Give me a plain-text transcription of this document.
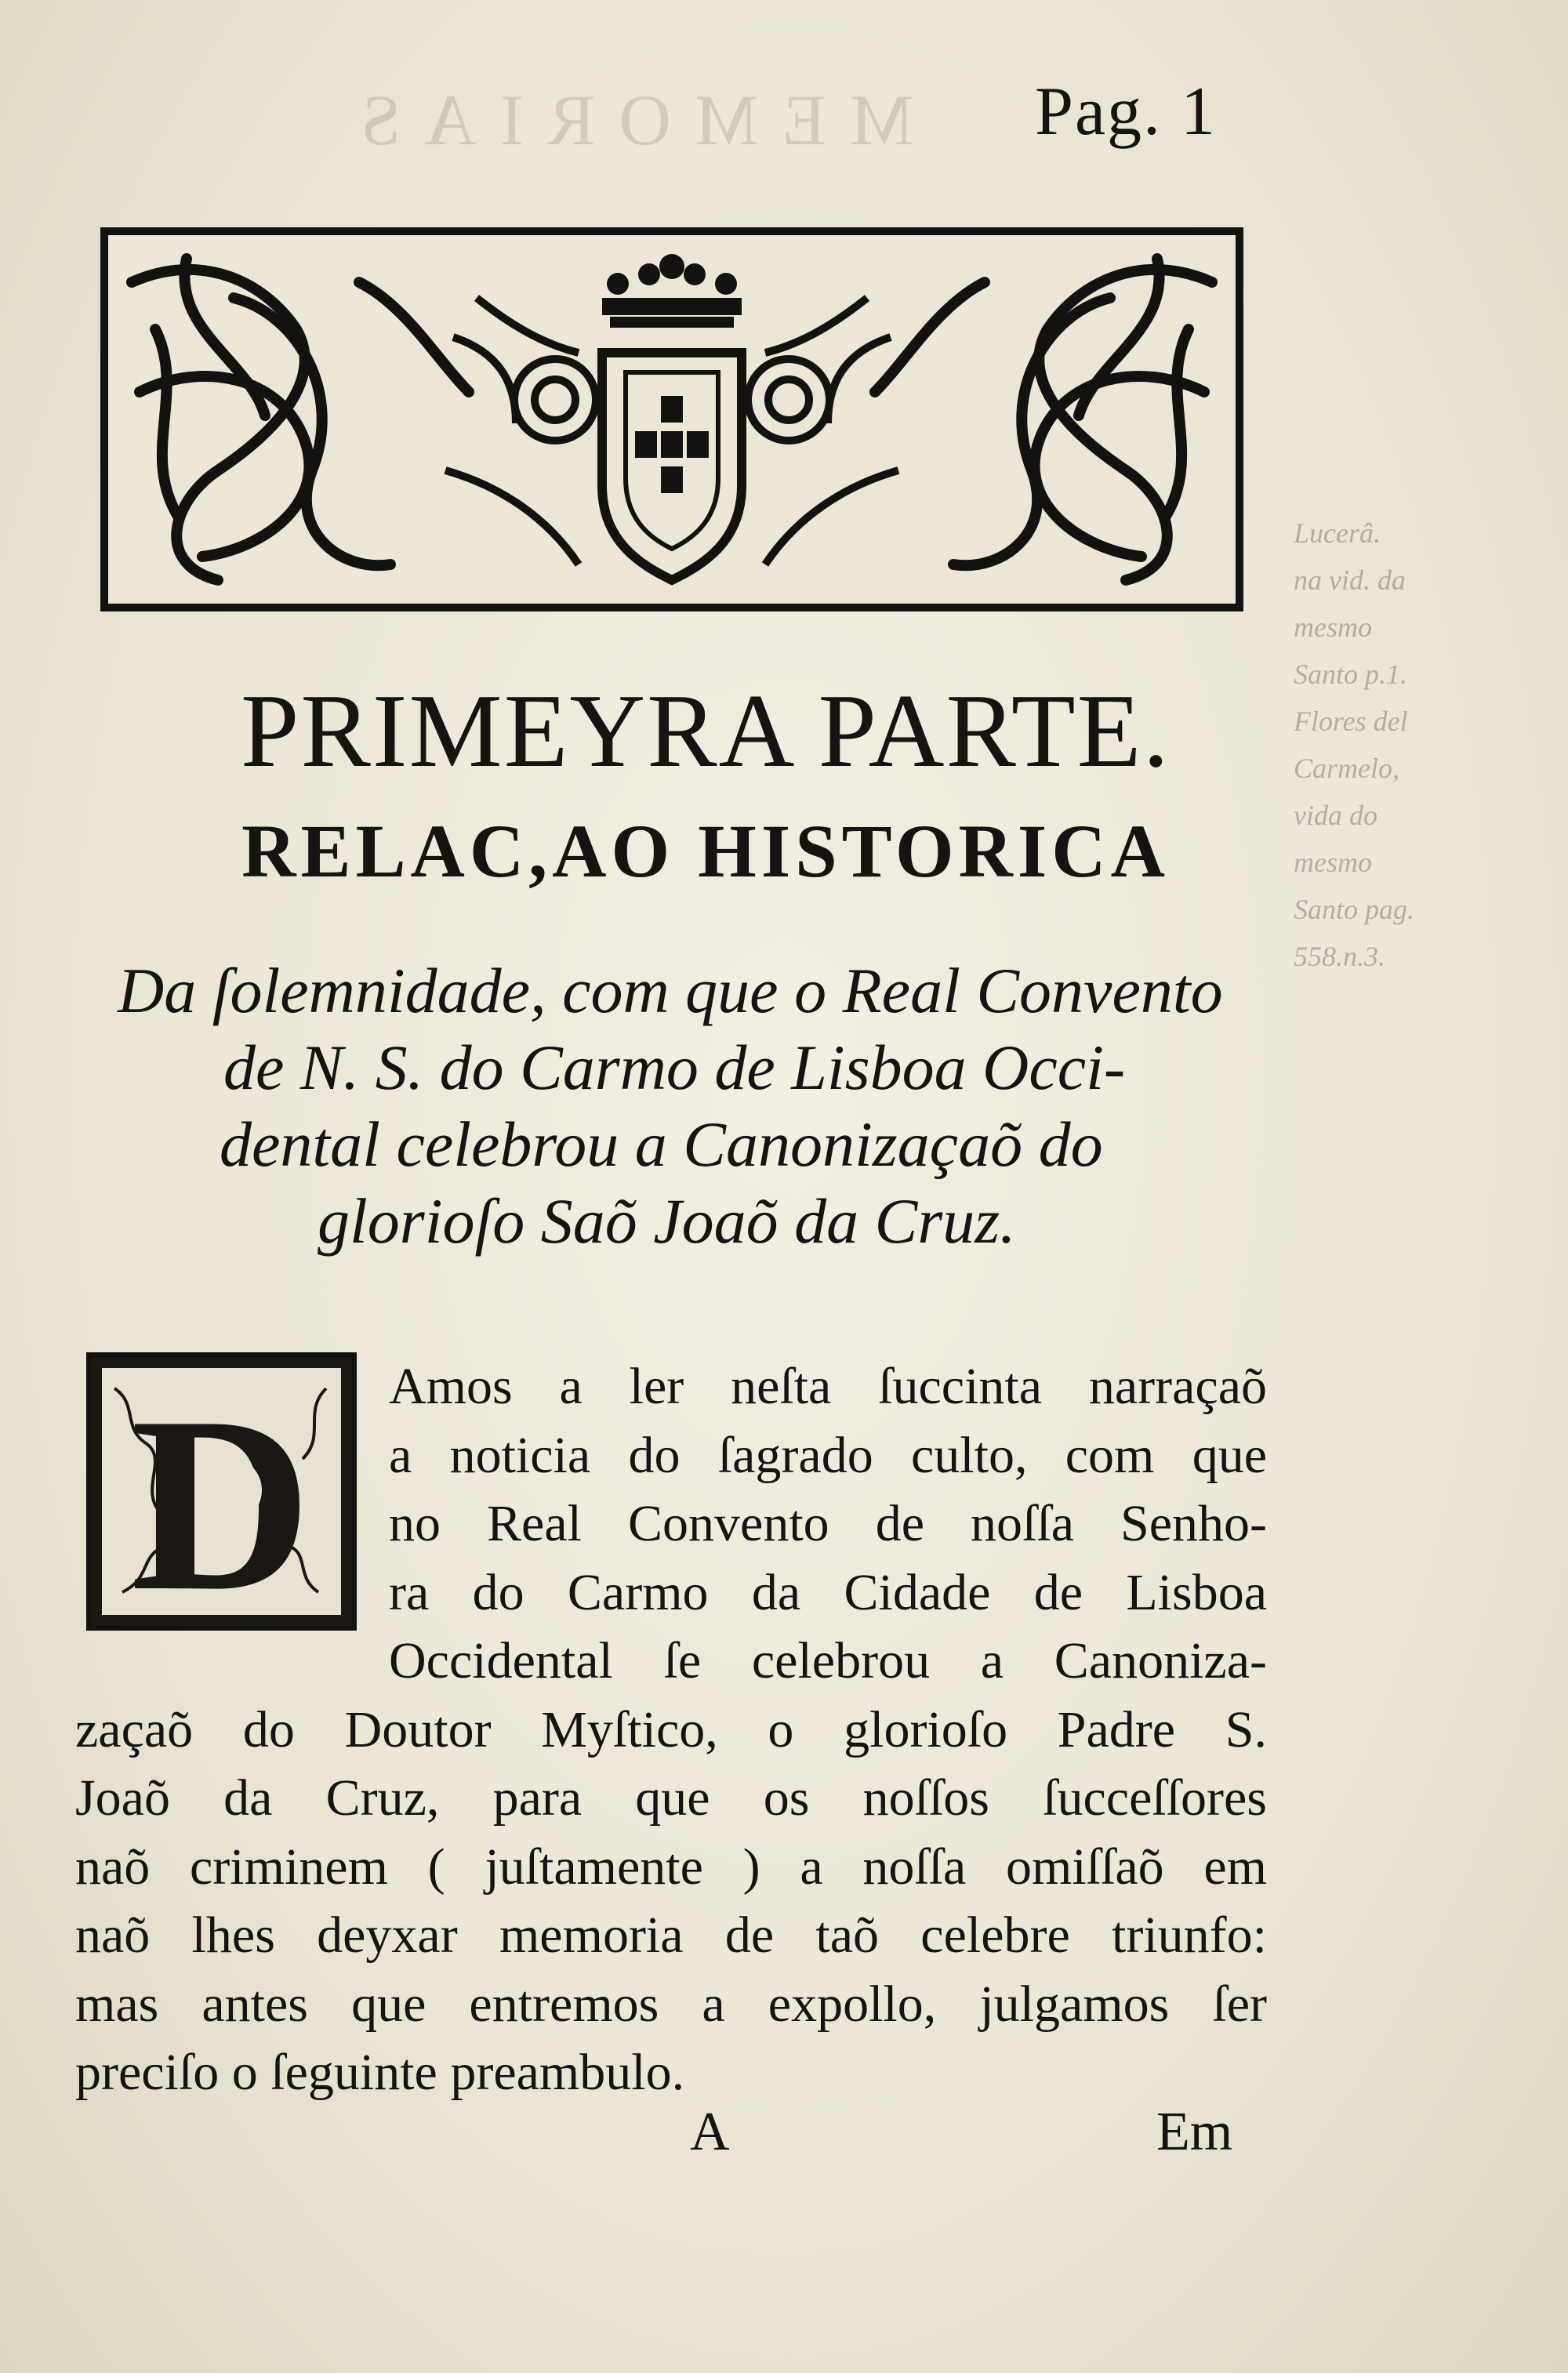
MEMORIAS
Lucerâ.
na vid. da
mesmo
Santo p.1.
Flores del
Carmelo,
vida do
mesmo
Santo pag.
558.n.3.
Pag. 1
PRIMEYRA PARTE.
RELAC,AO HISTORICA
Da ſolemnidade, com que o Real Convento
de N. S. do Carmo de Lisboa Occi-
dental celebrou a Canonizaçaõ do
glorioſo Saõ Joaõ da Cruz.
D Amos a ler neſta ſuccinta narraçaõ
a noticia do ſagrado culto, com que
no Real Convento de noſſa Senho-
ra do Carmo da Cidade de Lisboa
Occidental ſe celebrou a Canoniza-
zaçaõ do Doutor Myſtico, o glorioſo Padre S.
Joaõ da Cruz, para que os noſſos ſucceſſores
naõ criminem ( juſtamente ) a noſſa omiſſaõ em
naõ lhes deyxar memoria de taõ celebre triunfo:
mas antes que entremos a expollo, julgamos ſer
preciſo o ſeguinte preambulo.
A	Em
